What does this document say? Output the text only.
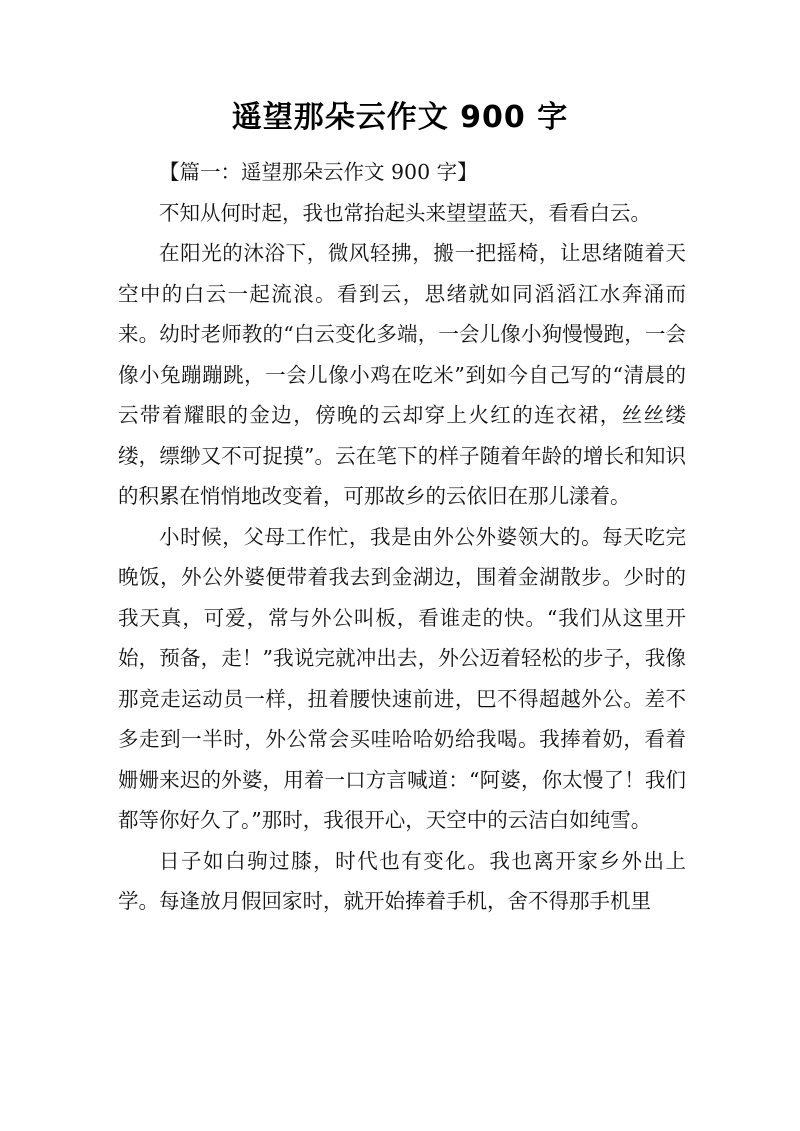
遥望那朵云作文 900 字

【篇一：遥望那朵云作文 900 字】

不知从何时起，我也常抬起头来望望蓝天，看看白云。

在阳光的沐浴下，微风轻拂，搬一把摇椅，让思绪随着天空中的白云一起流浪。看到云，思绪就如同滔滔江水奔涌而来。幼时老师教的“白云变化多端，一会儿像小狗慢慢跑，一会像小兔蹦蹦跳，一会儿像小鸡在吃米”到如今自己写的“清晨的云带着耀眼的金边，傍晚的云却穿上火红的连衣裙，丝丝缕缕，缥缈又不可捉摸”。云在笔下的样子随着年龄的增长和知识的积累在悄悄地改变着，可那故乡的云依旧在那儿漾着。

小时候，父母工作忙，我是由外公外婆领大的。每天吃完晚饭，外公外婆便带着我去到金湖边，围着金湖散步。少时的我天真，可爱，常与外公叫板，看谁走的快。“我们从这里开始，预备，走！”我说完就冲出去，外公迈着轻松的步子，我像那竞走运动员一样，扭着腰快速前进，巴不得超越外公。差不多走到一半时，外公常会买哇哈哈奶给我喝。我捧着奶，看着姗姗来迟的外婆，用着一口方言喊道：“阿婆，你太慢了！我们都等你好久了。”那时，我很开心，天空中的云洁白如纯雪。

日子如白驹过膝，时代也有变化。我也离开家乡外出上学。每逢放月假回家时，就开始捧着手机，舍不得那手机里
